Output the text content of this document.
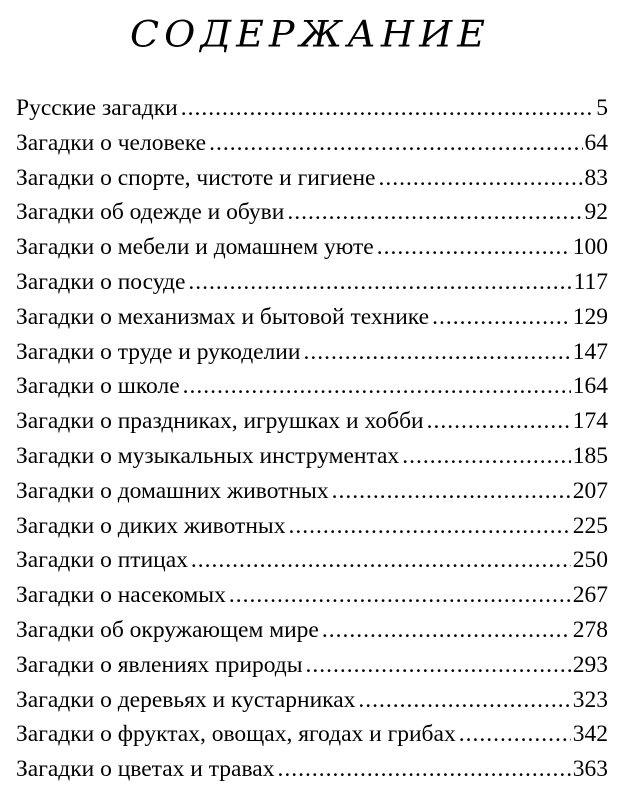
СОДЕРЖАНИЕ
Русские загадки .....	5
Загадки о человеке .....	64
Загадки о спорте, чистоте и гигиене .....	83
Загадки об одежде и обуви .....	92
Загадки о мебели и домашнем уюте .....	100
Загадки о посуде .....	117
Загадки о механизмах и бытовой технике .....	129
Загадки о труде и рукоделии .....	147
Загадки о школе .....	164
Загадки о праздниках, игрушках и хобби .....	174
Загадки о музыкальных инструментах .....	185
Загадки о домашних животных .....	207
Загадки о диких животных .....	225
Загадки о птицах .....	250
Загадки о насекомых .....	267
Загадки об окружающем мире .....	278
Загадки о явлениях природы .....	293
Загадки о деревьях и кустарниках .....	323
Загадки о фруктах, овощах, ягодах и грибах .....	342
Загадки о цветах и травах .....	363
